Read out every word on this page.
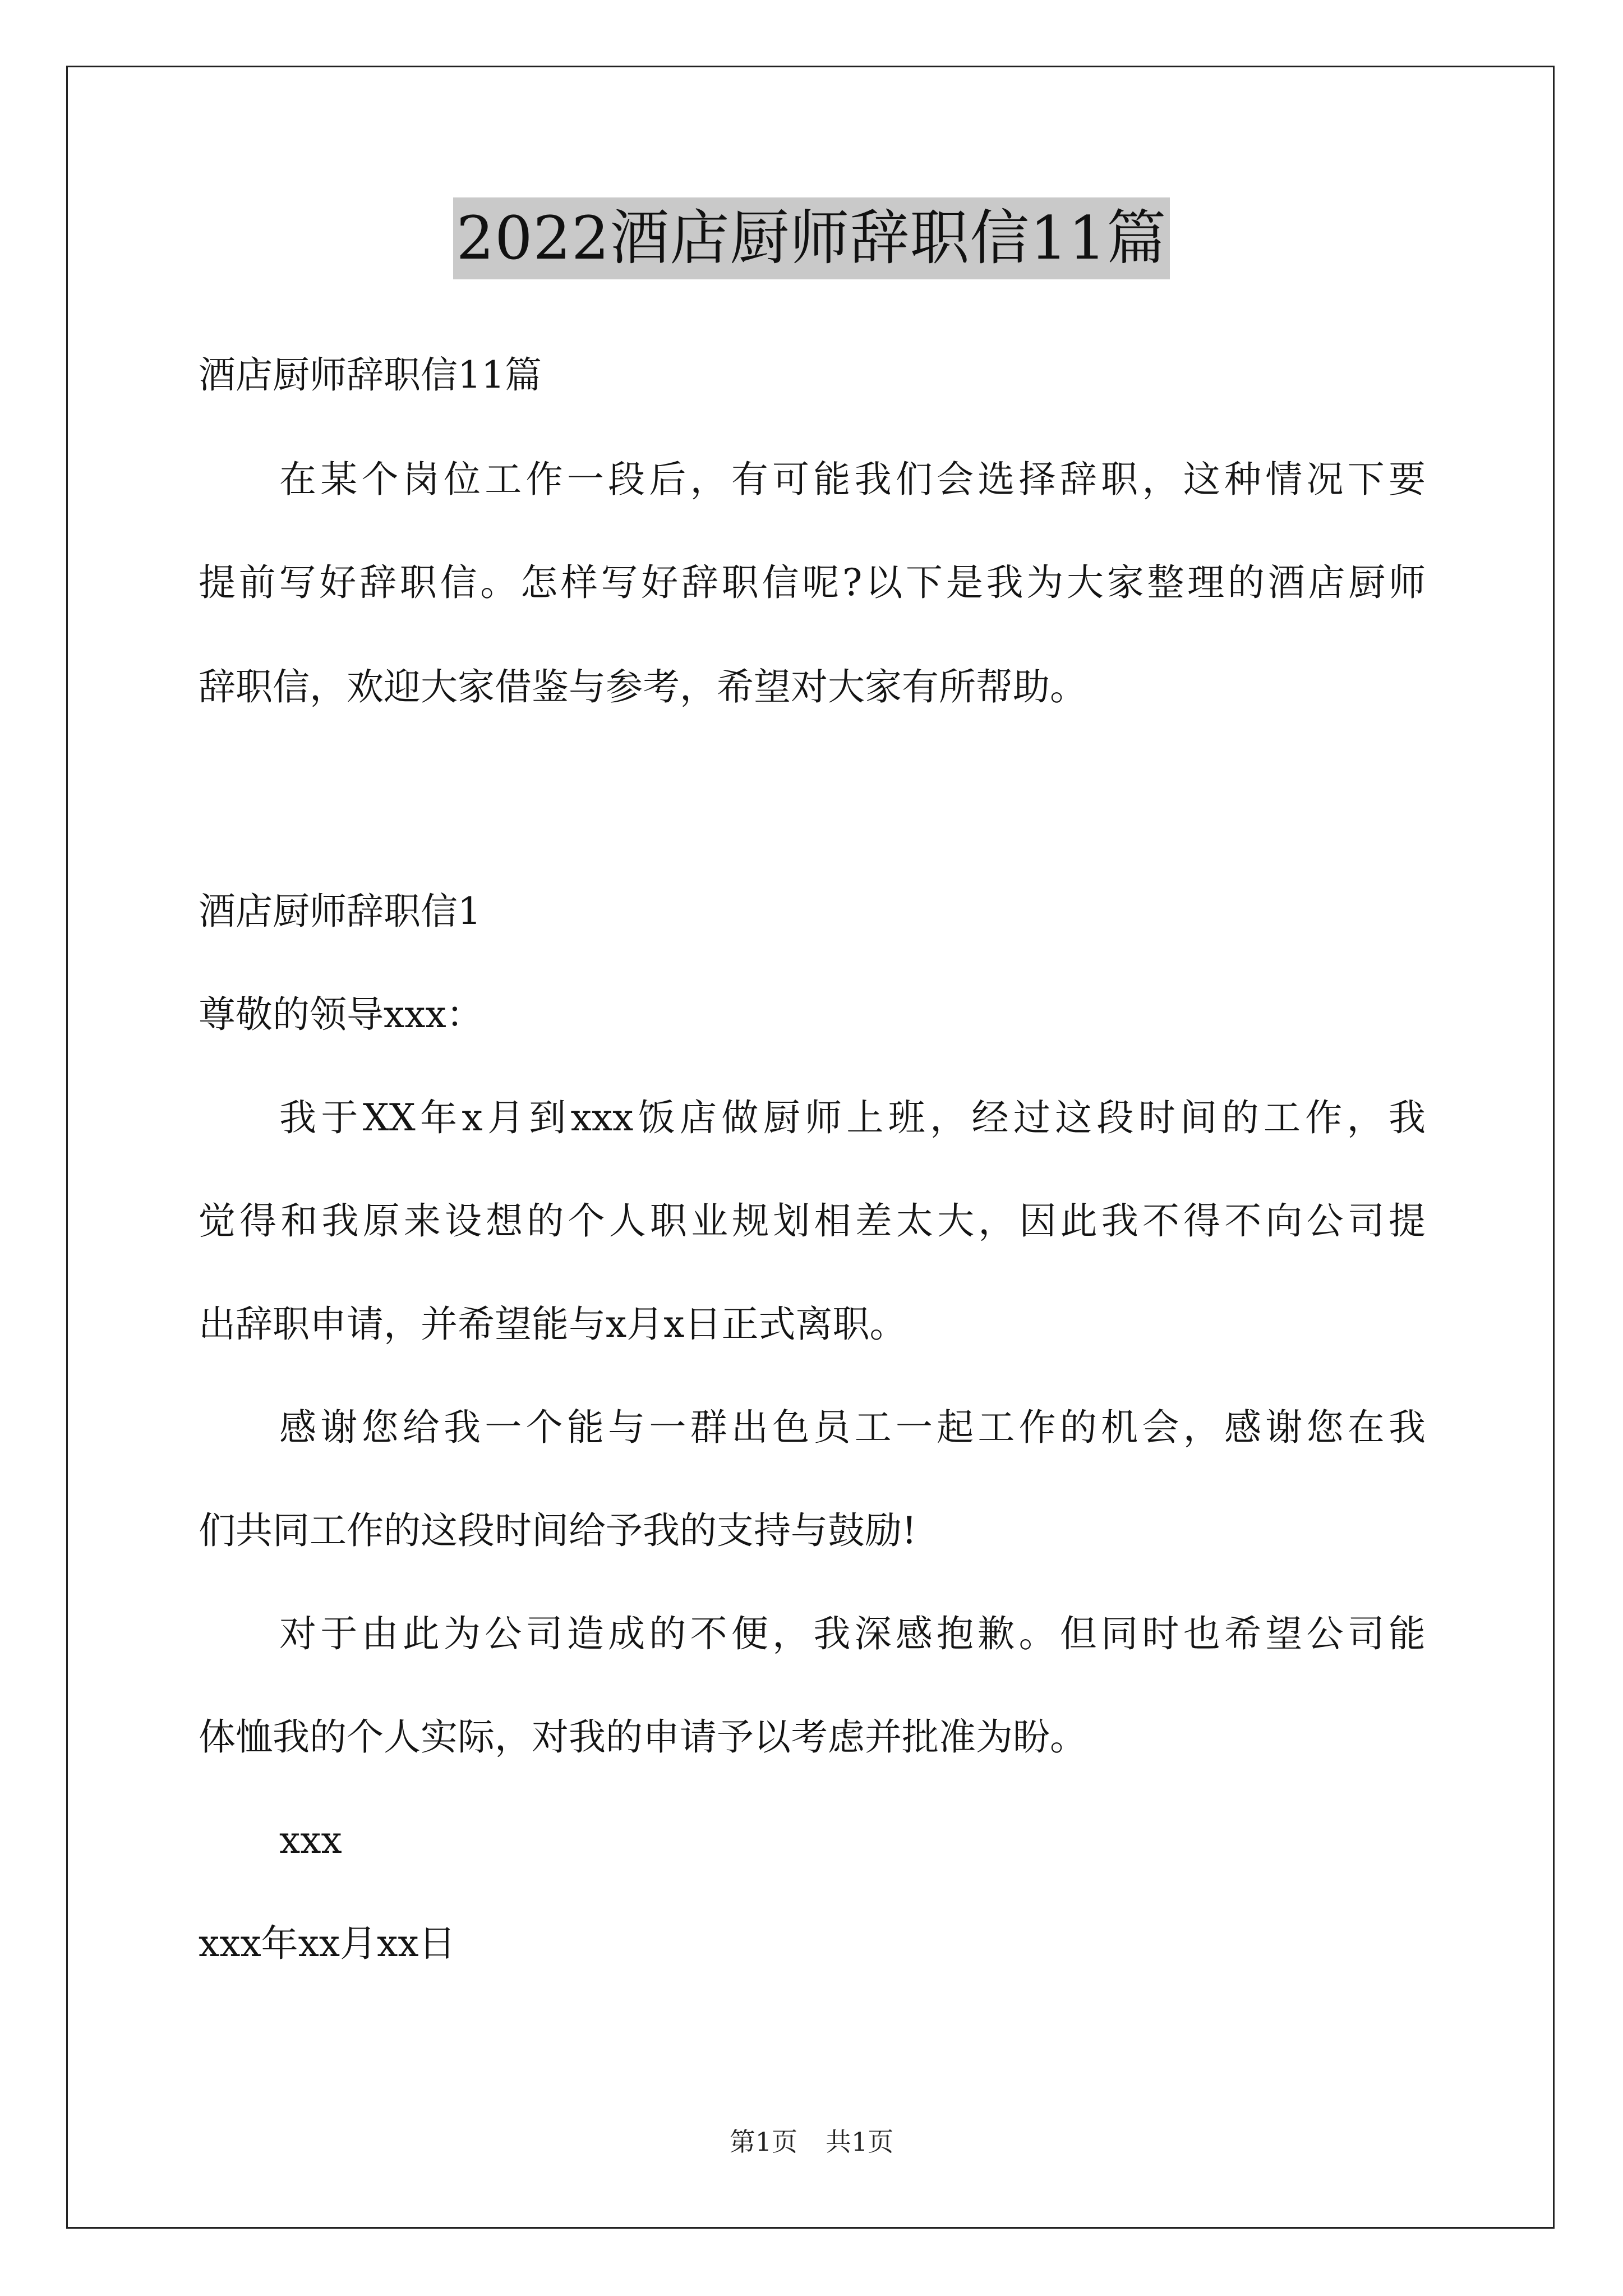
2022酒店厨师辞职信11篇
酒店厨师辞职信11篇
在某个岗位工作一段后，有可能我们会选择辞职，这种情况下要
提前写好辞职信。怎样写好辞职信呢?以下是我为大家整理的酒店厨师
辞职信，欢迎大家借鉴与参考，希望对大家有所帮助。
酒店厨师辞职信1
尊敬的领导xxx：
我于XX年x月到xxx饭店做厨师上班，经过这段时间的工作，我
觉得和我原来设想的个人职业规划相差太大，因此我不得不向公司提
出辞职申请，并希望能与x月x日正式离职。
感谢您给我一个能与一群出色员工一起工作的机会，感谢您在我
们共同工作的这段时间给予我的支持与鼓励!
对于由此为公司造成的不便，我深感抱歉。但同时也希望公司能
体恤我的个人实际，对我的申请予以考虑并批准为盼。
xxx
xxx年xx月xx日
第1页 共1页
